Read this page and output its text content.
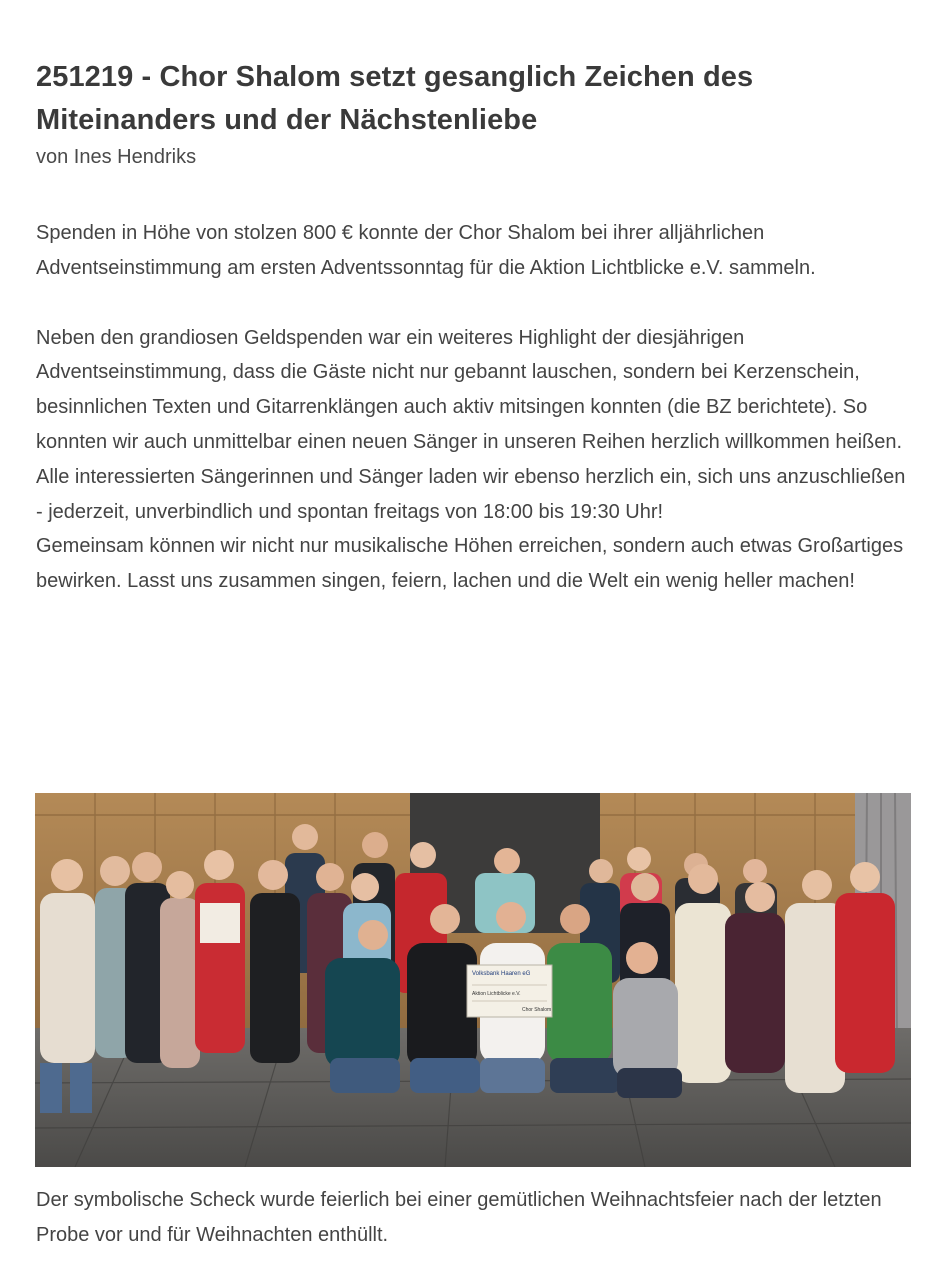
251219 - Chor Shalom setzt gesanglich Zeichen des Miteinanders und der Nächstenliebe

von Ines Hendriks

Spenden in Höhe von stolzen 800 € konnte der Chor Shalom bei ihrer alljährlichen Adventseinstimmung am ersten Adventssonntag für die Aktion Lichtblicke e.V. sammeln.

Neben den grandiosen Geldspenden war ein weiteres Highlight der diesjährigen Adventseinstimmung, dass die Gäste nicht nur gebannt lauschen, sondern bei Kerzenschein, besinnlichen Texten und Gitarrenklängen auch aktiv mitsingen konnten (die BZ berichtete). So konnten wir auch unmittelbar einen neuen Sänger in unseren Reihen herzlich willkommen heißen.
Alle interessierten Sängerinnen und Sänger laden wir ebenso herzlich ein, sich uns anzuschließen - jederzeit, unverbindlich und spontan freitags von 18:00 bis 19:30 Uhr!
Gemeinsam können wir nicht nur musikalische Höhen erreichen, sondern auch etwas Großartiges bewirken. Lasst uns zusammen singen, feiern, lachen und die Welt ein wenig heller machen!
Volksbank Haaren eG
Aktion Lichtblicke e.V.
Chor Shalom

Der symbolische Scheck wurde feierlich bei einer gemütlichen Weihnachtsfeier nach der letzten Probe vor und für Weihnachten enthüllt.
